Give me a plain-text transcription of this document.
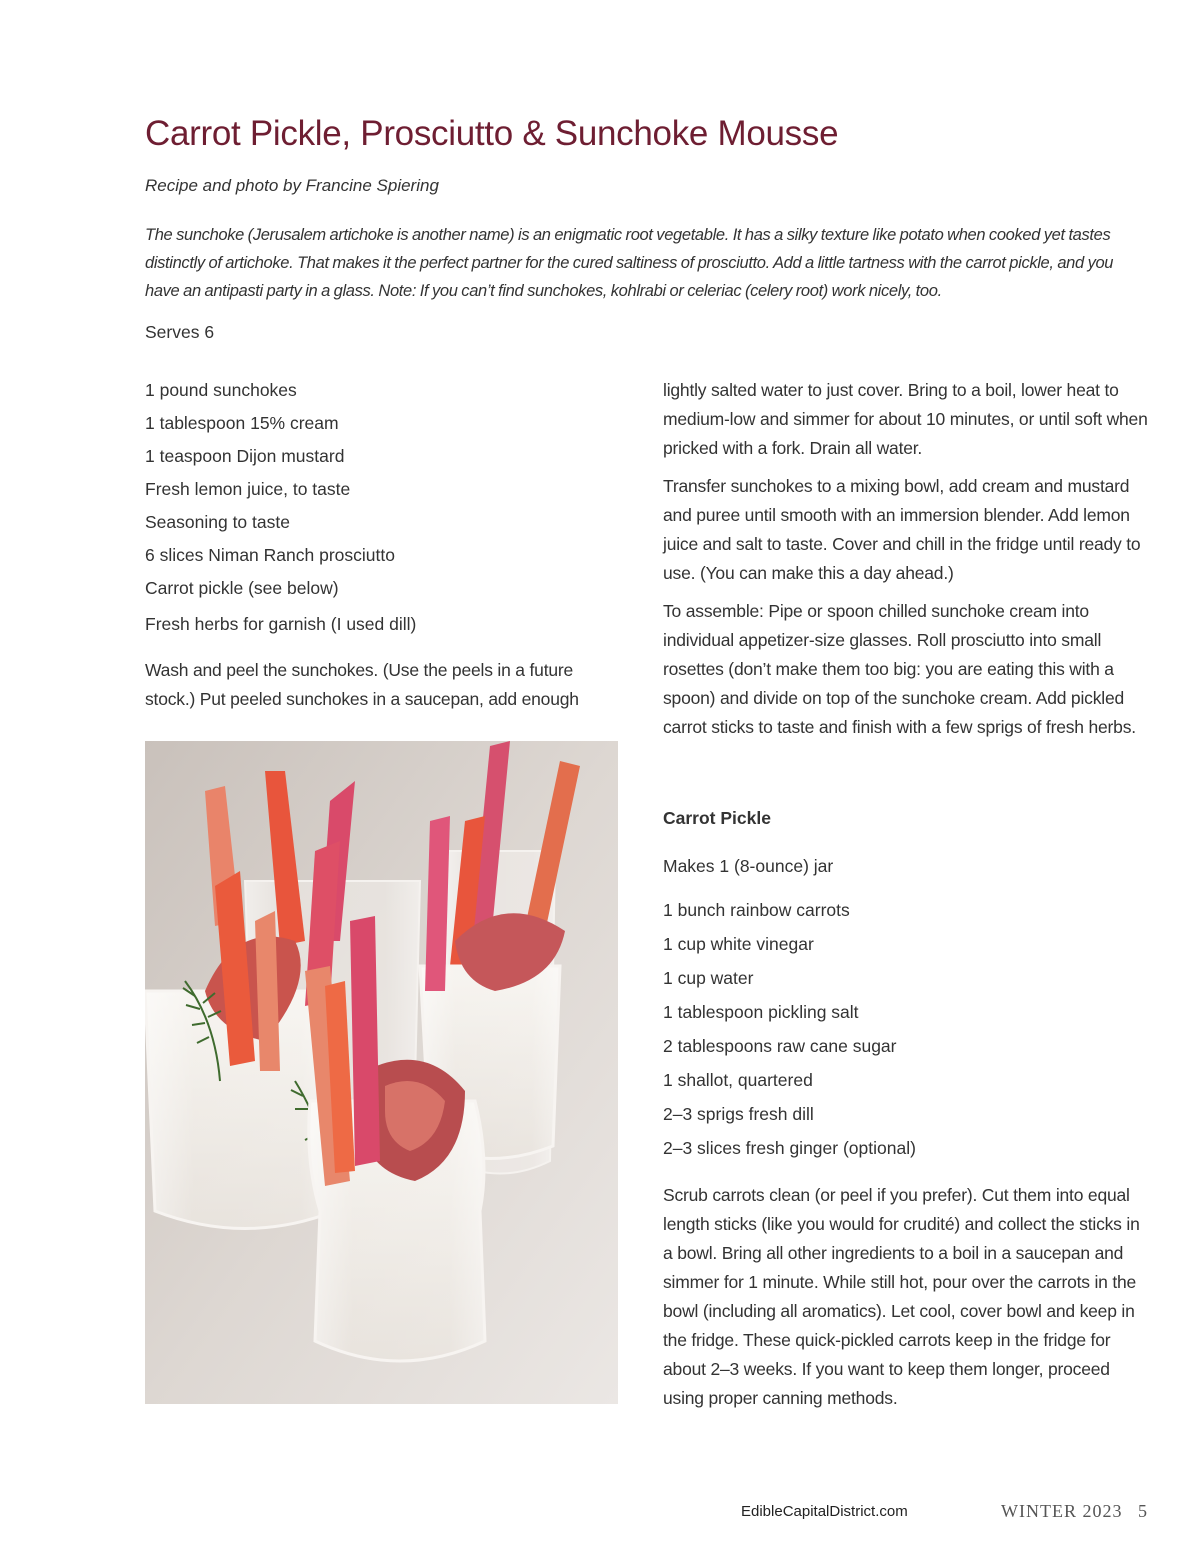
Carrot Pickle, Prosciutto & Sunchoke Mousse
Recipe and photo by Francine Spiering
The sunchoke (Jerusalem artichoke is another name) is an enigmatic root vegetable. It has a silky texture like potato when cooked yet tastes distinctly of artichoke. That makes it the perfect partner for the cured saltiness of prosciutto. Add a little tartness with the carrot pickle, and you have an antipasti party in a glass. Note: If you can’t find sunchokes, kohlrabi or celeriac (celery root) work nicely, too.
Serves 6
1 pound sunchokes
1 tablespoon 15% cream
1 teaspoon Dijon mustard
Fresh lemon juice, to taste
Seasoning to taste
6 slices Niman Ranch prosciutto
Carrot pickle (see below)
Fresh herbs for garnish (I used dill)

Wash and peel the sunchokes. (Use the peels in a future stock.) Put peeled sunchokes in a saucepan, add enough

lightly salted water to just cover. Bring to a boil, lower heat to medium-low and simmer for about 10 minutes, or until soft when pricked with a fork. Drain all water.

Transfer sunchokes to a mixing bowl, add cream and mustard and puree until smooth with an immersion blender. Add lemon juice and salt to taste. Cover and chill in the fridge until ready to use. (You can make this a day ahead.)

To assemble: Pipe or spoon chilled sunchoke cream into individual appetizer-size glasses. Roll prosciutto into small rosettes (don’t make them too big: you are eating this with a spoon) and divide on top of the sunchoke cream. Add pickled carrot sticks to taste and finish with a few sprigs of fresh herbs.

Carrot Pickle
Makes 1 (8-ounce) jar
1 bunch rainbow carrots
1 cup white vinegar
1 cup water
1 tablespoon pickling salt
2 tablespoons raw cane sugar
1 shallot, quartered
2–3 sprigs fresh dill
2–3 slices fresh ginger (optional)

Scrub carrots clean (or peel if you prefer). Cut them into equal length sticks (like you would for crudité) and collect the sticks in a bowl. Bring all other ingredients to a boil in a saucepan and simmer for 1 minute. While still hot, pour over the carrots in the bowl (including all aromatics). Let cool, cover bowl and keep in the fridge. These quick-pickled carrots keep in the fridge for about 2–3 weeks. If you want to keep them longer, proceed using proper canning methods.

EdibleCapitalDistrict.com	WINTER 2023 5
